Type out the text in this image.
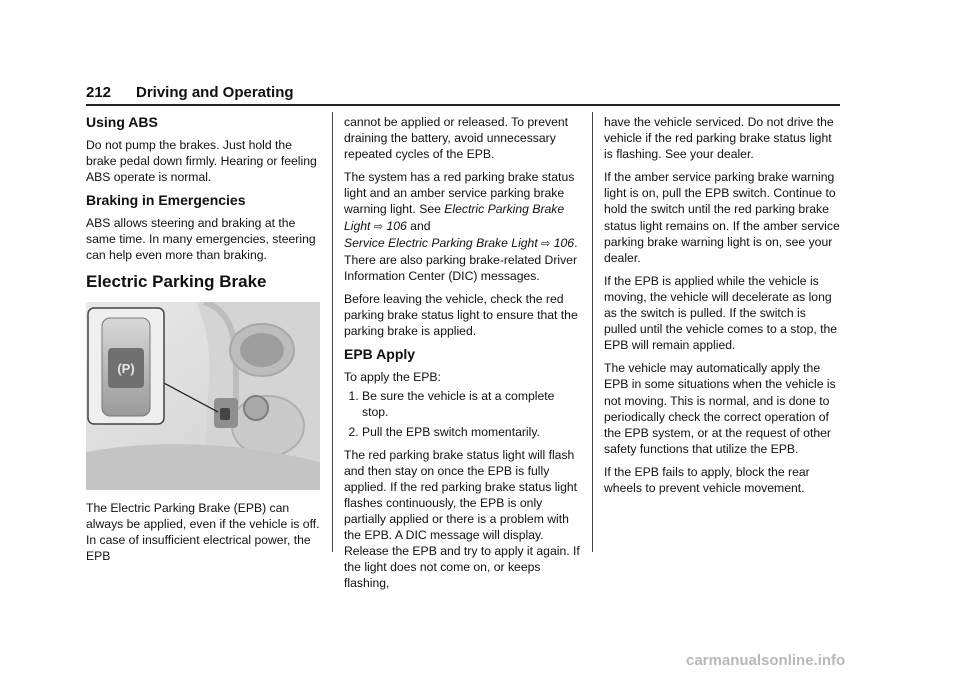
212 Driving and Operating
Using ABS

Do not pump the brakes. Just hold the brake pedal down firmly. Hearing or feeling ABS operate is normal.

Braking in Emergencies

ABS allows steering and braking at the same time. In many emergencies, steering can help even more than braking.

Electric Parking Brake
(P)

The Electric Parking Brake (EPB) can always be applied, even if the vehicle is off. In case of insufficient electrical power, the EPB

cannot be applied or released. To prevent draining the battery, avoid unnecessary repeated cycles of the EPB.

The system has a red parking brake status light and an amber service parking brake warning light. See Electric Parking Brake Light ⇨ 106 and
Service Electric Parking Brake Light ⇨ 106. There are also parking brake-related Driver Information Center (DIC) messages.

Before leaving the vehicle, check the red parking brake status light to ensure that the parking brake is applied.

EPB Apply

To apply the EPB:

1. Be sure the vehicle is at a complete stop.
2. Pull the EPB switch momentarily.

The red parking brake status light will flash and then stay on once the EPB is fully applied. If the red parking brake status light flashes continuously, the EPB is only partially applied or there is a problem with the EPB. A DIC message will display. Release the EPB and try to apply it again. If the light does not come on, or keeps flashing,

have the vehicle serviced. Do not drive the vehicle if the red parking brake status light is flashing. See your dealer.

If the amber service parking brake warning light is on, pull the EPB switch. Continue to hold the switch until the red parking brake status light remains on. If the amber service parking brake warning light is on, see your dealer.

If the EPB is applied while the vehicle is moving, the vehicle will decelerate as long as the switch is pulled. If the switch is pulled until the vehicle comes to a stop, the EPB will remain applied.

The vehicle may automatically apply the EPB in some situations when the vehicle is not moving. This is normal, and is done to periodically check the correct operation of the EPB system, or at the request of other safety functions that utilize the EPB.

If the EPB fails to apply, block the rear wheels to prevent vehicle movement.

carmanualsonline.info
